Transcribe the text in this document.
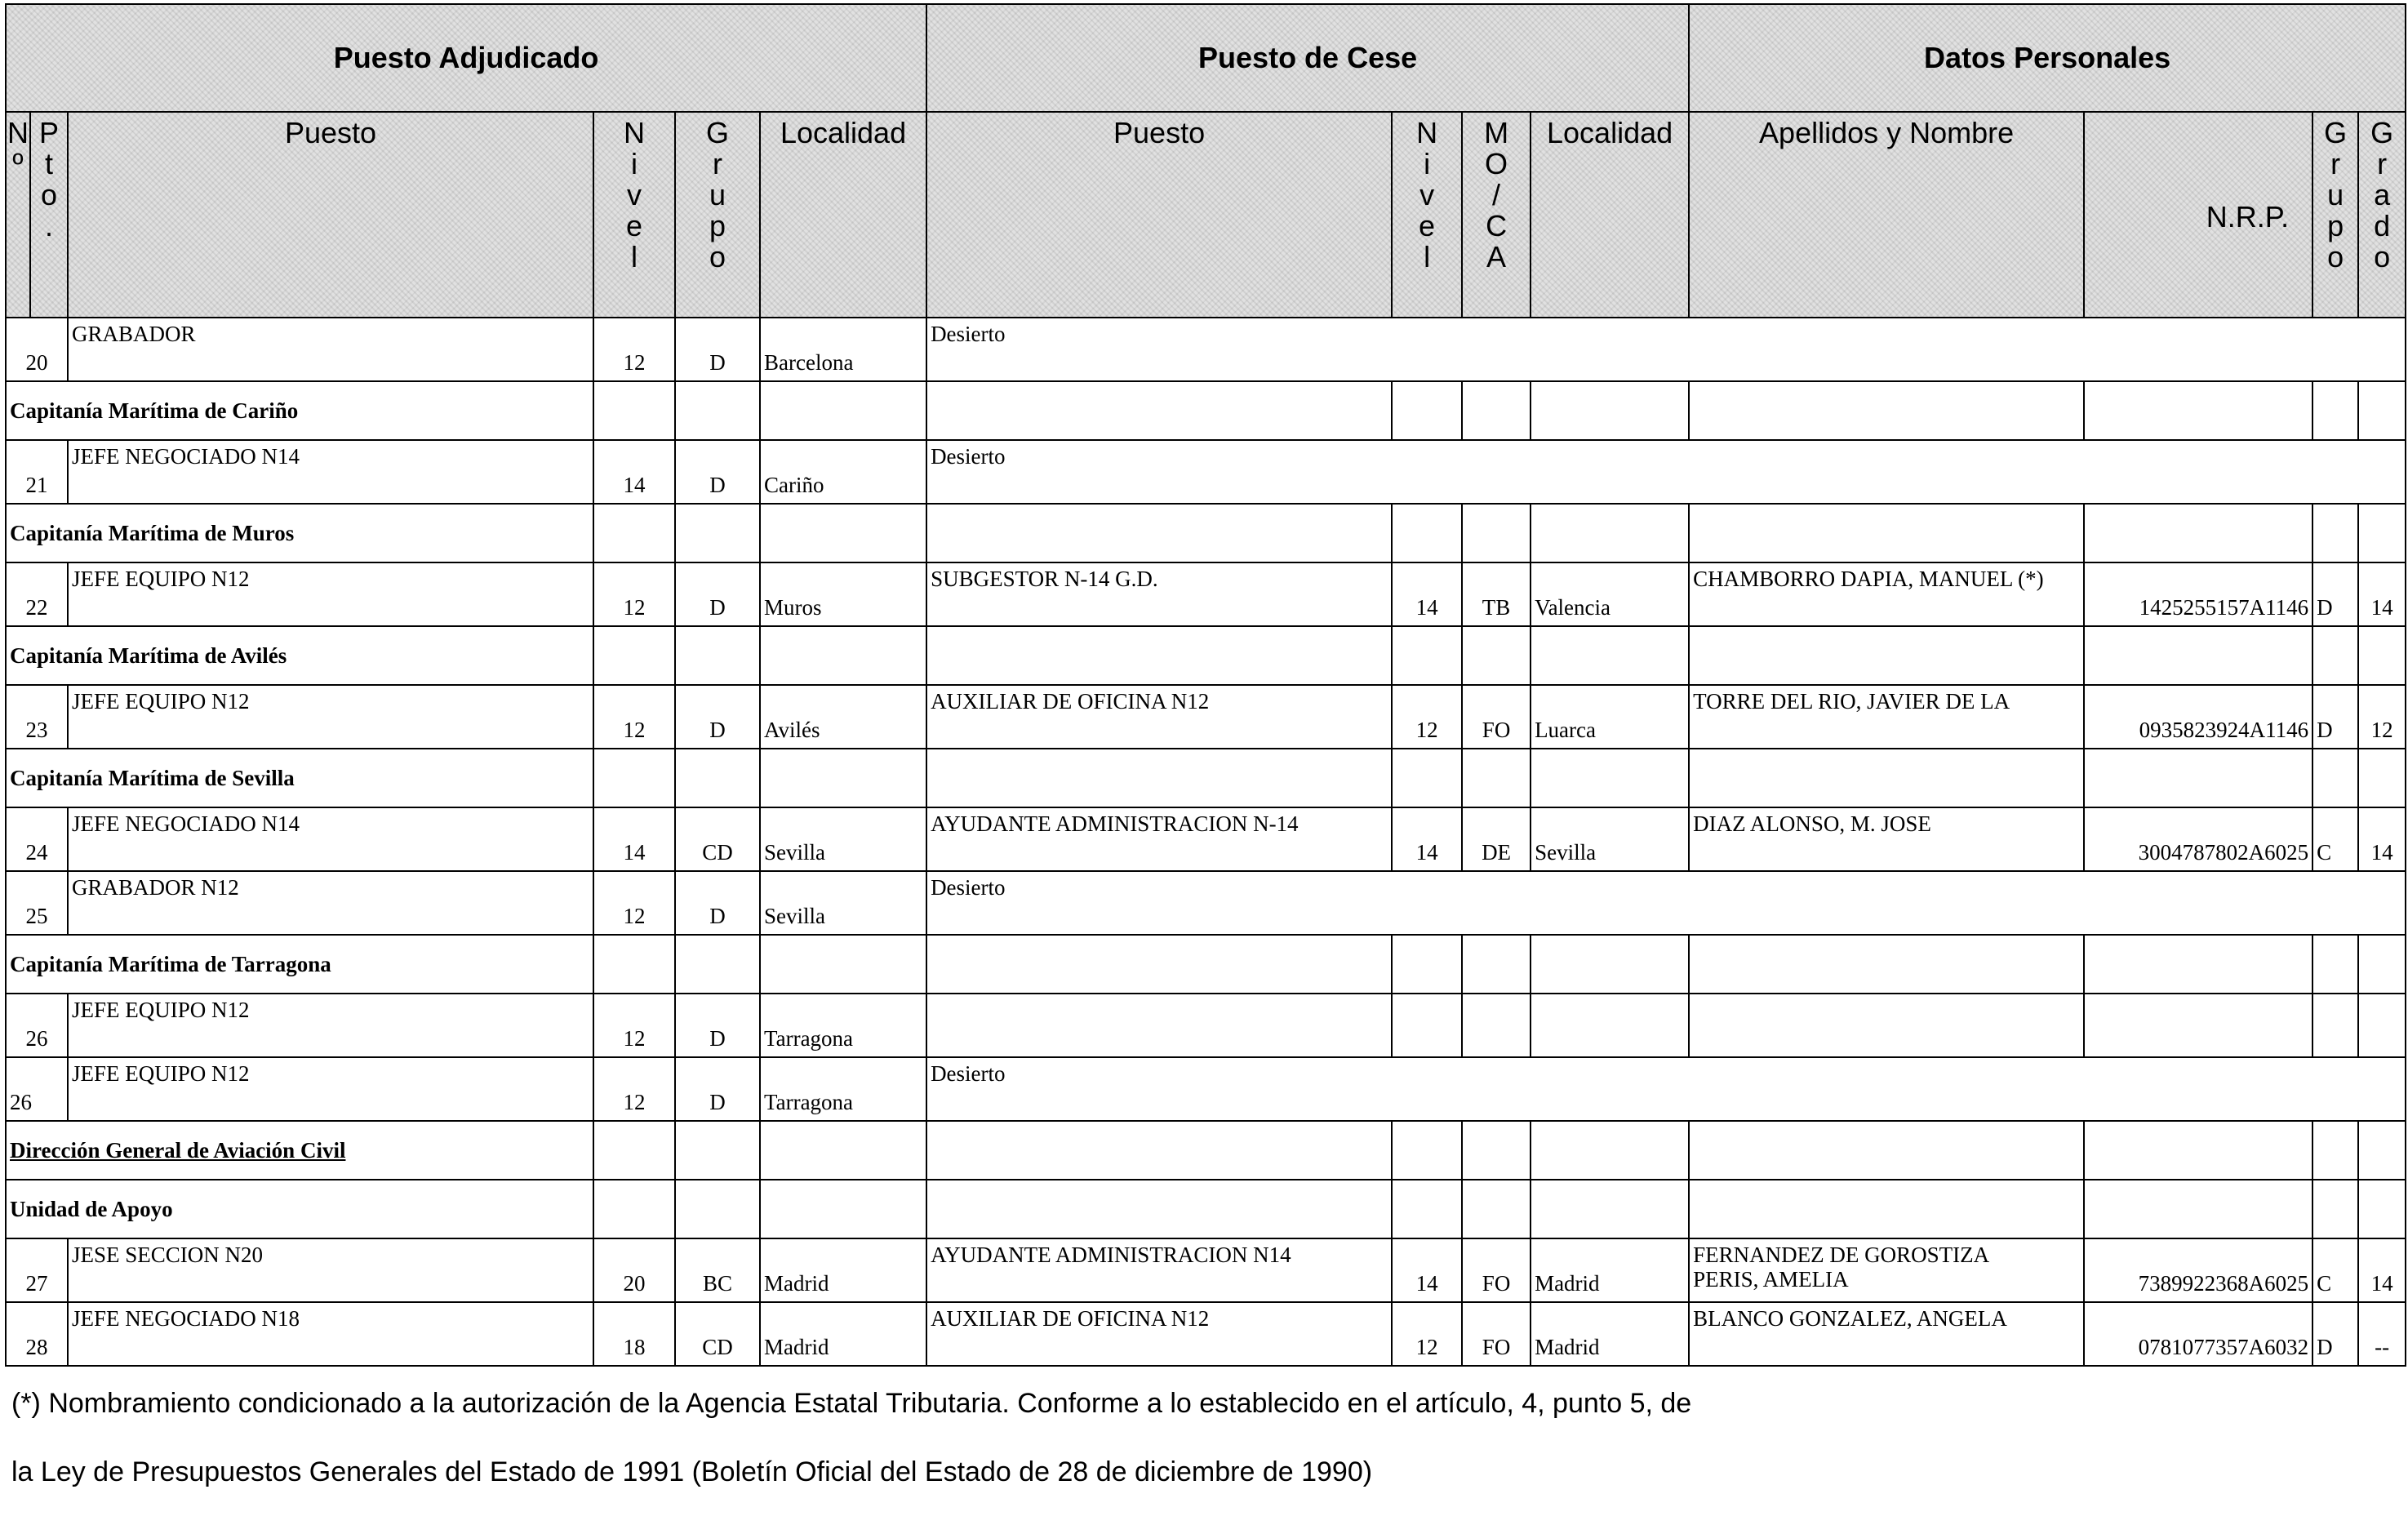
Puesto Adjudicado						Puesto de Cese				Datos Personales			

N
º	P
t
o
.	Puesto	N
i
v
e
l	G
r
u
p
o	Localidad	Puesto	N
i
v
e
l	M
O
/
C
A	Localidad	Apellidos y Nombre	N.R.P.	G
r
u
p
o	G
r
a
d
o

20		GRABADOR	12	D	Barcelona	Desierto							
Capitanía Marítima de Cariño													
21		JEFE NEGOCIADO N14	14	D	Cariño	Desierto							
Capitanía Marítima de Muros													
22		JEFE EQUIPO N12	12	D	Muros	SUBGESTOR N-14 G.D.	14	TB	Valencia	CHAMBORRO DAPIA, MANUEL (*)	1425255157A1146	D	14
Capitanía Marítima de Avilés													
23		JEFE EQUIPO N12	12	D	Avilés	AUXILIAR DE OFICINA N12	12	FO	Luarca	TORRE DEL RIO, JAVIER DE LA	0935823924A1146	D	12
Capitanía Marítima de Sevilla													
24		JEFE NEGOCIADO N14	14	CD	Sevilla	AYUDANTE ADMINISTRACION N-14	14	DE	Sevilla	DIAZ ALONSO, M. JOSE	3004787802A6025	C	14
25		GRABADOR N12	12	D	Sevilla	Desierto							
Capitanía Marítima de Tarragona													
26		JEFE EQUIPO N12	12	D	Tarragona								
26		JEFE EQUIPO N12	12	D	Tarragona	Desierto							
Dirección General de Aviación Civil													
Unidad de Apoyo													
27		JESE SECCION N20	20	BC	Madrid	AYUDANTE ADMINISTRACION N14	14	FO	Madrid	FERNANDEZ DE GOROSTIZA
PERIS, AMELIA	7389922368A6025	C	14
28		JEFE NEGOCIADO N18	18	CD	Madrid	AUXILIAR DE OFICINA N12	12	FO	Madrid	BLANCO GONZALEZ, ANGELA	0781077357A6032	D	--
(*) Nombramiento condicionado a la autorización de la Agencia Estatal Tributaria. Conforme a lo establecido en el artículo, 4, punto 5, de
la Ley de Presupuestos Generales del Estado de 1991 (Boletín Oficial del Estado de 28 de diciembre de 1990)
